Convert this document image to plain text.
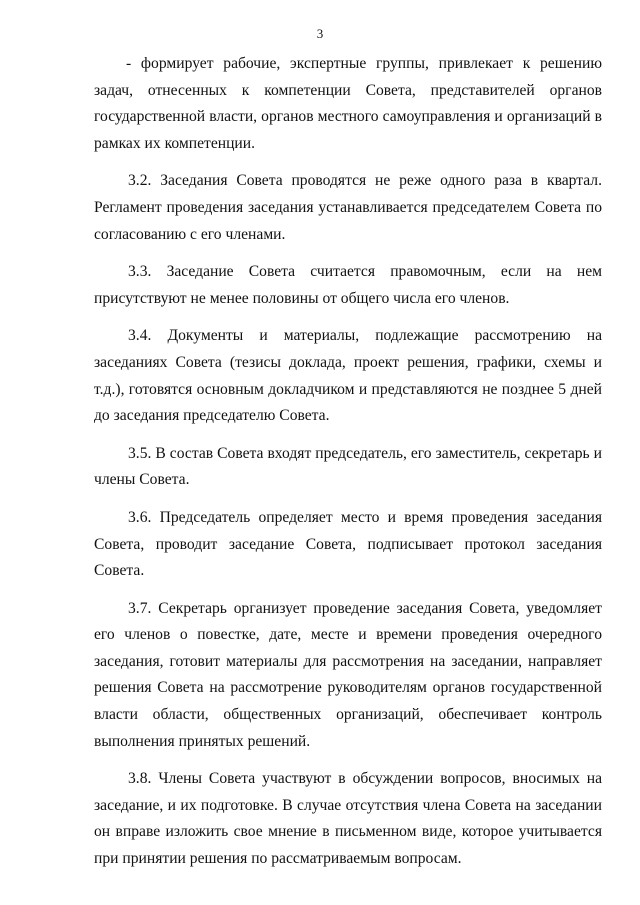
3

- формирует рабочие, экспертные группы, привлекает к решению задач, отнесенных к компетенции Совета, представителей органов государственной власти, органов местного самоуправления и организаций в рамках их компетенции.

3.2. Заседания Совета проводятся не реже одного раза в квартал. Регламент проведения заседания устанавливается председателем Совета по согласованию с его членами.

3.3. Заседание Совета считается правомочным, если на нем присутствуют не менее половины от общего числа его членов.

3.4. Документы и материалы, подлежащие рассмотрению на заседаниях Совета (тезисы доклада, проект решения, графики, схемы и т.д.), готовятся основным докладчиком и представляются не позднее 5 дней до заседания председателю Совета.

3.5. В состав Совета входят председатель, его заместитель, секретарь и члены Совета.

3.6. Председатель определяет место и время проведения заседания Совета, проводит заседание Совета, подписывает протокол заседания Совета.

3.7. Секретарь организует проведение заседания Совета, уведомляет его членов о повестке, дате, месте и времени проведения очередного заседания, готовит материалы для рассмотрения на заседании, направляет решения Совета на рассмотрение руководителям органов государственной власти области, общественных организаций, обеспечивает контроль выполнения принятых решений.

3.8. Члены Совета участвуют в обсуждении вопросов, вносимых на заседание, и их подготовке. В случае отсутствия члена Совета на заседании он вправе изложить свое мнение в письменном виде, которое учитывается при принятии решения по рассматриваемым вопросам.
